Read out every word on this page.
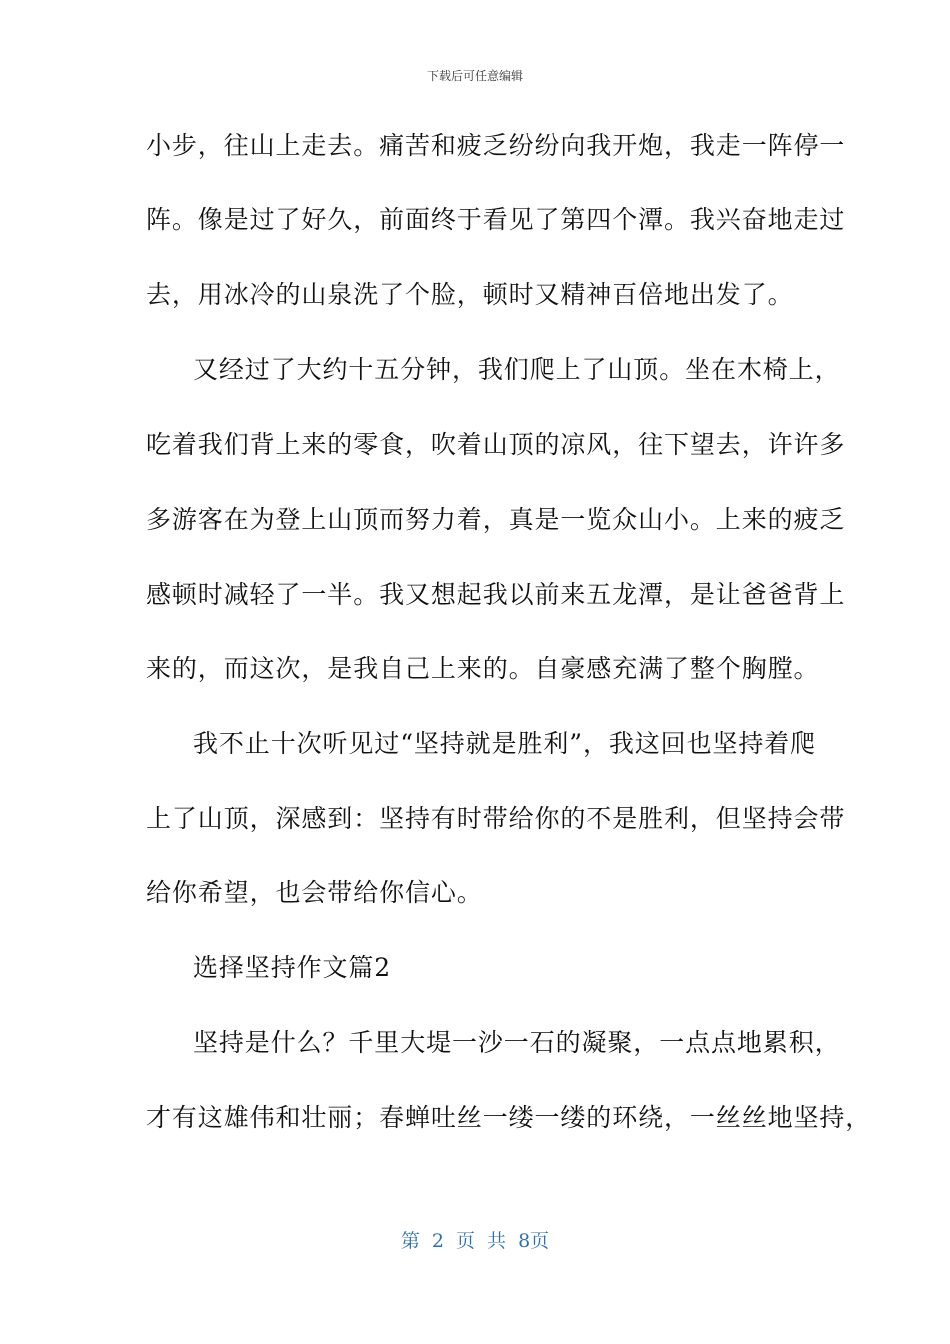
下载后可任意编辑
小步，往山上走去。痛苦和疲乏纷纷向我开炮，我走一阵停一
阵。像是过了好久，前面终于看见了第四个潭。我兴奋地走过
去，用冰冷的山泉洗了个脸，顿时又精神百倍地出发了。
又经过了大约十五分钟，我们爬上了山顶。坐在木椅上，
吃着我们背上来的零食，吹着山顶的凉风，往下望去，许许多
多游客在为登上山顶而努力着，真是一览众山小。上来的疲乏
感顿时减轻了一半。我又想起我以前来五龙潭，是让爸爸背上
来的，而这次，是我自己上来的。自豪感充满了整个胸膛。
我不止十次听见过“坚持就是胜利”，我这回也坚持着爬
上了山顶，深感到：坚持有时带给你的不是胜利，但坚持会带
给你希望，也会带给你信心。
选择坚持作文篇2
坚持是什么？千里大堤一沙一石的凝聚，一点点地累积，
才有这雄伟和壮丽；春蝉吐丝一缕一缕的环绕，一丝丝地坚持，
第 2 页 共 8页
